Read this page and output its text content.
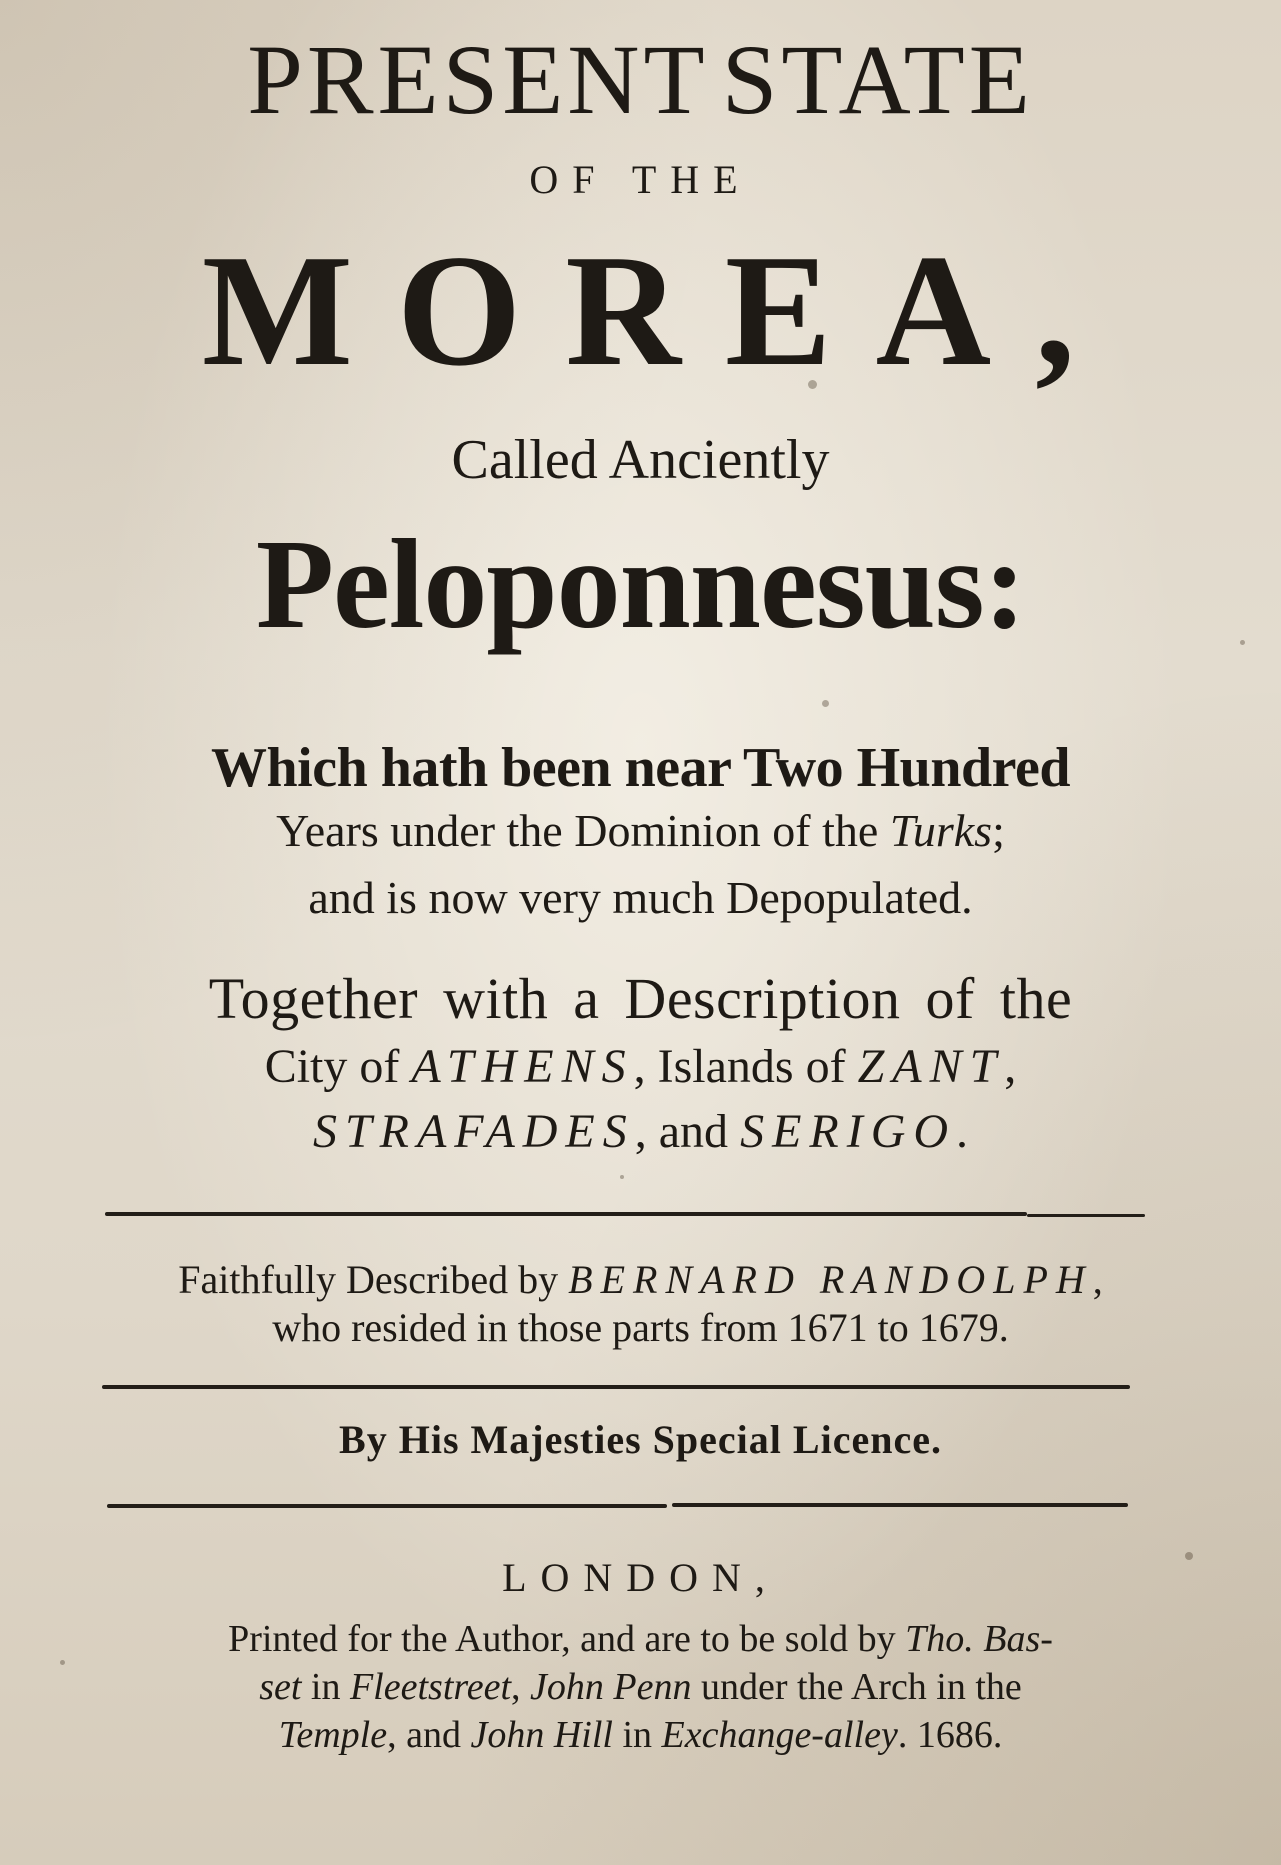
PRESENT STATE
OF THE
MOREA,
Called Anciently
Peloponnesus:
Which hath been near Two Hundred
Years under the Dominion of the Turks;
and is now very much Depopulated.
Together with a Description of the
City of ATHENS, Islands of ZANT,
STRAFADES, and SERIGO.
Faithfully Described by BERNARD RANDOLPH,
who resided in those parts from 1671 to 1679.
By His Majesties Special Licence.
LONDON,
Printed for the Author, and are to be sold by Tho. Bas-
set in Fleetstreet, John Penn under the Arch in the
Temple, and John Hill in Exchange-alley. 1686.
